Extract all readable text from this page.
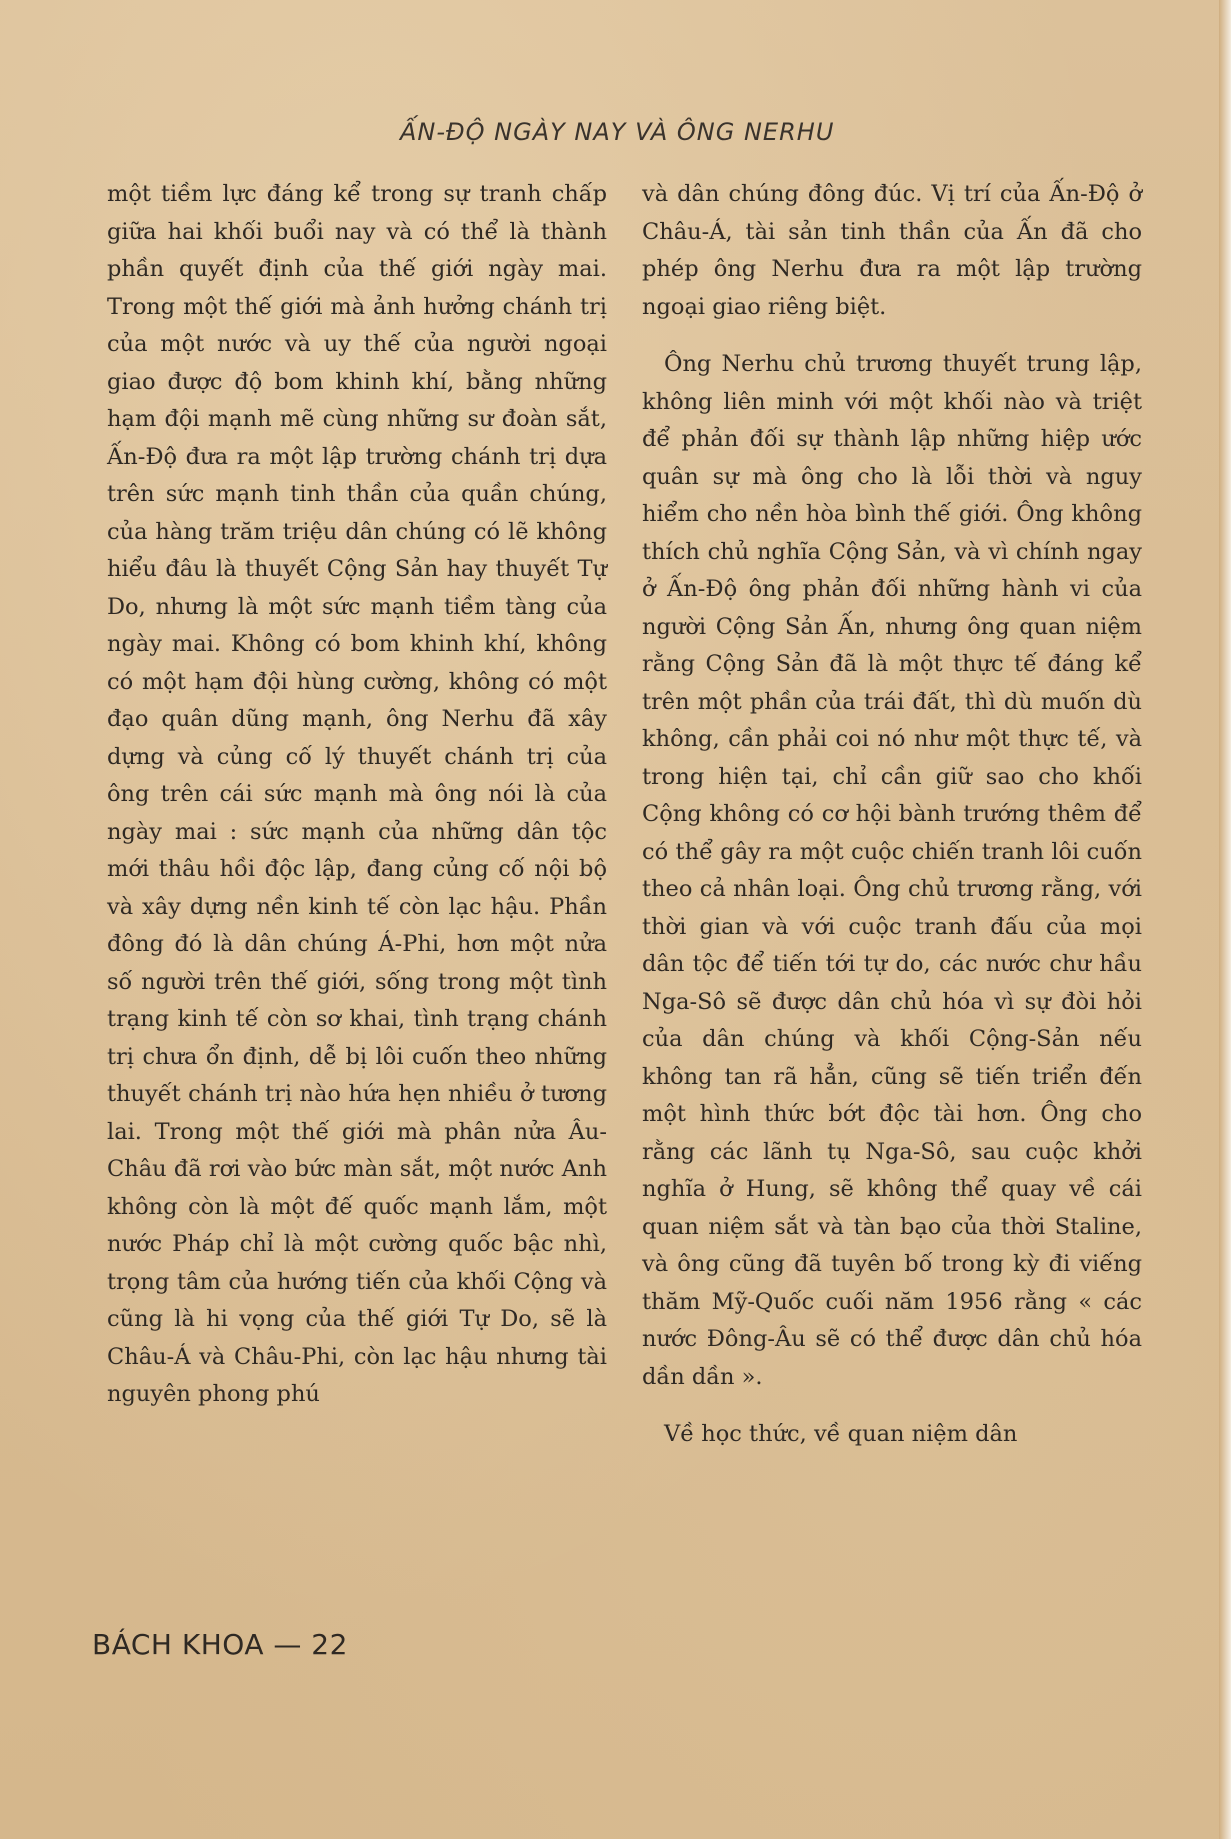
ẤN-ĐỘ NGÀY NAY VÀ ÔNG NERHU

một tiềm lực đáng kể trong sự tranh chấp giữa hai khối buổi nay và có thể là thành phần quyết định của thế giới ngày mai. Trong một thế giới mà ảnh hưởng chánh trị của một nước và uy thế của người ngoại giao được độ bom khinh khí, bằng những hạm đội mạnh mẽ cùng những sư đoàn sắt, Ấn-Độ đưa ra một lập trường chánh trị dựa trên sức mạnh tinh thần của quần chúng, của hàng trăm triệu dân chúng có lẽ không hiểu đâu là thuyết Cộng Sản hay thuyết Tự Do, nhưng là một sức mạnh tiềm tàng của ngày mai. Không có bom khinh khí, không có một hạm đội hùng cường, không có một đạo quân dũng mạnh, ông Nerhu đã xây dựng và củng cố lý thuyết chánh trị của ông trên cái sức mạnh mà ông nói là của ngày mai : sức mạnh của những dân tộc mới thâu hồi độc lập, đang củng cố nội bộ và xây dựng nền kinh tế còn lạc hậu. Phần đông đó là dân chúng Á-Phi, hơn một nửa số người trên thế giới, sống trong một tình trạng kinh tế còn sơ khai, tình trạng chánh trị chưa ổn định, dễ bị lôi cuốn theo những thuyết chánh trị nào hứa hẹn nhiều ở tương lai. Trong một thế giới mà phân nửa Âu-Châu đã rơi vào bức màn sắt, một nước Anh không còn là một đế quốc mạnh lắm, một nước Pháp chỉ là một cường quốc bậc nhì, trọng tâm của hướng tiến của khối Cộng và cũng là hi vọng của thế giới Tự Do, sẽ là Châu-Á và Châu-Phi, còn lạc hậu nhưng tài nguyên phong phú

và dân chúng đông đúc. Vị trí của Ấn-Độ ở Châu-Á, tài sản tinh thần của Ấn đã cho phép ông Nerhu đưa ra một lập trường ngoại giao riêng biệt.

Ông Nerhu chủ trương thuyết trung lập, không liên minh với một khối nào và triệt để phản đối sự thành lập những hiệp ước quân sự mà ông cho là lỗi thời và nguy hiểm cho nền hòa bình thế giới. Ông không thích chủ nghĩa Cộng Sản, và vì chính ngay ở Ấn-Độ ông phản đối những hành vi của người Cộng Sản Ấn, nhưng ông quan niệm rằng Cộng Sản đã là một thực tế đáng kể trên một phần của trái đất, thì dù muốn dù không, cần phải coi nó như một thực tế, và trong hiện tại, chỉ cần giữ sao cho khối Cộng không có cơ hội bành trướng thêm để có thể gây ra một cuộc chiến tranh lôi cuốn theo cả nhân loại. Ông chủ trương rằng, với thời gian và với cuộc tranh đấu của mọi dân tộc để tiến tới tự do, các nước chư hầu Nga-Sô sẽ được dân chủ hóa vì sự đòi hỏi của dân chúng và khối Cộng-Sản nếu không tan rã hẳn, cũng sẽ tiến triển đến một hình thức bớt độc tài hơn. Ông cho rằng các lãnh tụ Nga-Sô, sau cuộc khởi nghĩa ở Hung, sẽ không thể quay về cái quan niệm sắt và tàn bạo của thời Staline, và ông cũng đã tuyên bố trong kỳ đi viếng thăm Mỹ-Quốc cuối năm 1956 rằng « các nước Đông-Âu sẽ có thể được dân chủ hóa dần dần ».

Về học thức, về quan niệm dân

BÁCH KHOA — 22
